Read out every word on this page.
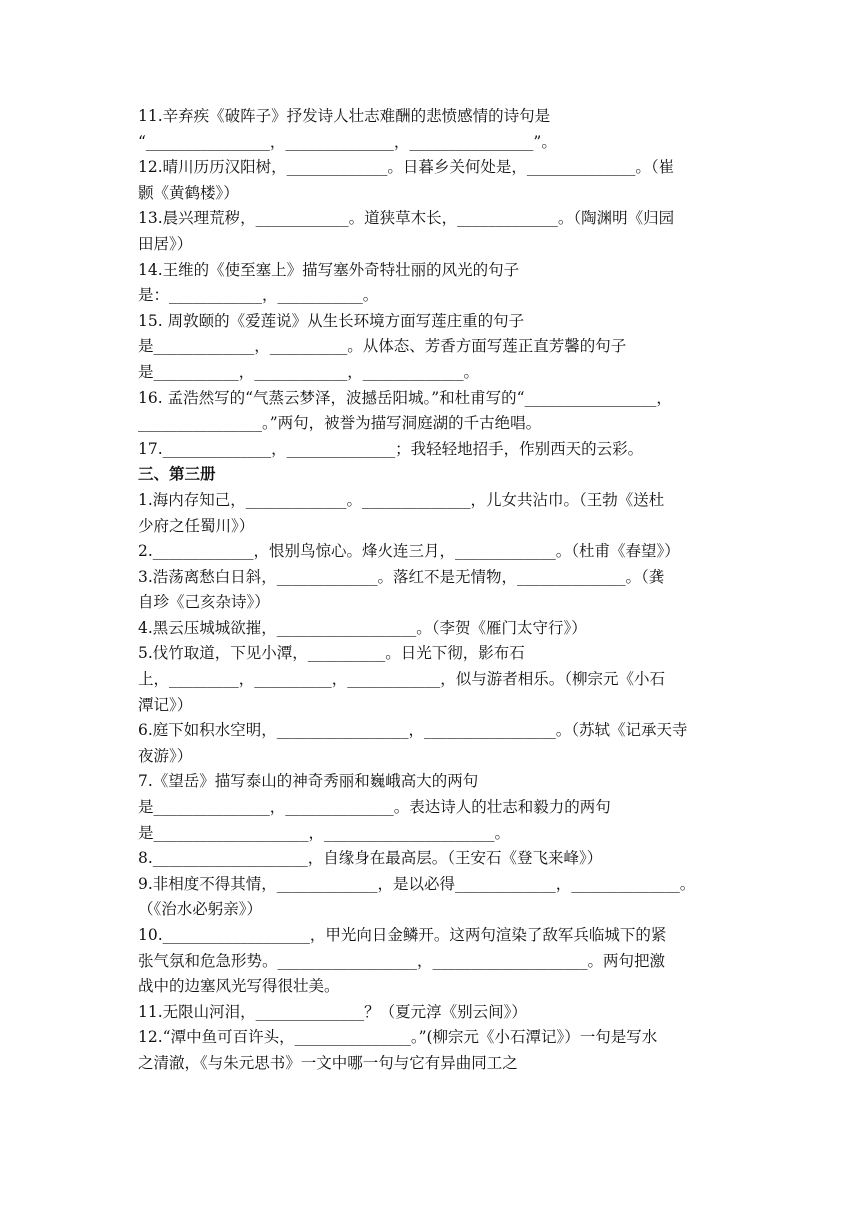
11.辛弃疾《破阵子》抒发诗人壮志难酬的悲愤感情的诗句是
“________________，______________，________________”。
12.晴川历历汉阳树，_____________。日暮乡关何处是，______________。（崔
颢《黄鹤楼》）
13.晨兴理荒秽，____________。道狭草木长，_____________。（陶渊明《归园
田居》）
14.王维的《使至塞上》描写塞外奇特壮丽的风光的句子
是：____________，___________。
15. 周敦颐的《爱莲说》从生长环境方面写莲庄重的句子
是_____________，__________。从体态、芳香方面写莲正直芳馨的句子
是___________，____________，_____________。
16. 孟浩然写的“气蒸云梦泽，波撼岳阳城。”和杜甫写的“_________________，
________________。”两句，被誉为描写洞庭湖的千古绝唱。
17.______________，______________；我轻轻地招手，作别西天的云彩。
三、第三册
1.海内存知己，_____________。______________，儿女共沾巾。（王勃《送杜
少府之任蜀川》）
2._____________，恨别鸟惊心。烽火连三月，_____________。（杜甫《春望》）
3.浩荡离愁白日斜，_____________。落红不是无情物，______________。（龚
自珍《己亥杂诗》）
4.黑云压城城欲摧，__________________。（李贺《雁门太守行》）
5.伐竹取道，下见小潭，__________。日光下彻，影布石
上，_________，__________，____________，似与游者相乐。（柳宗元《小石
潭记》）
6.庭下如积水空明，_________________，_________________。（苏轼《记承天寺
夜游》）
7.《望岳》描写泰山的神奇秀丽和巍峨高大的两句
是_______________，______________。表达诗人的壮志和毅力的两句
是____________________，______________________。
8.____________________，自缘身在最高层。（王安石《登飞来峰》）
9.非相度不得其情，_____________，是以必得_____________，______________。
（《治水必躬亲》）
10.___________________，甲光向日金鳞开。这两句渲染了敌军兵临城下的紧
张气氛和危急形势。__________________，____________________。两句把激
战中的边塞风光写得很壮美。
11.无限山河泪，______________？（夏元淳《别云间》）
12.“潭中鱼可百许头，_______________。”(柳宗元《小石潭记》）一句是写水
之清澈，《与朱元思书》一文中哪一句与它有异曲同工之
